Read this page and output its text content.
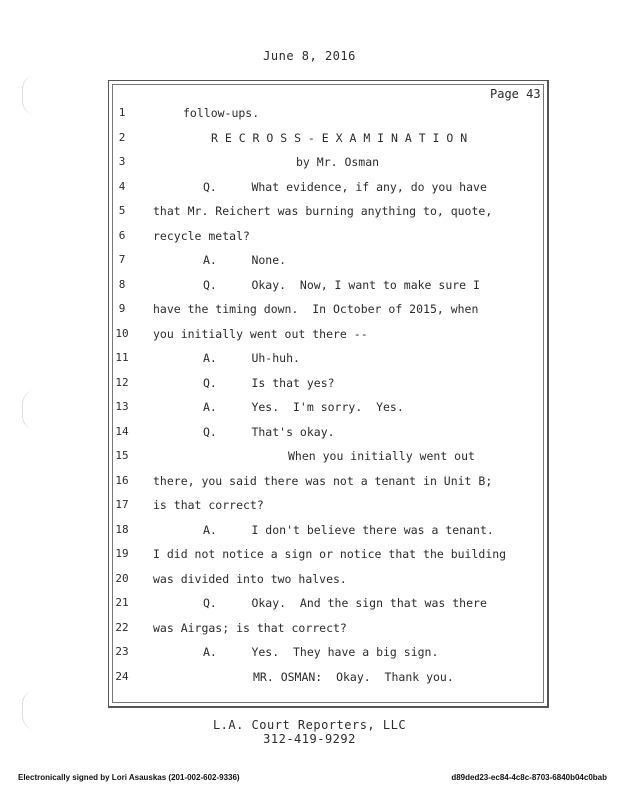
June 8, 2016
Page 43
1	follow-ups.
2	R E C R O S S - E X A M I N A T I O N
3	by Mr. Osman
4	Q.     What evidence, if any, do you have
5	that Mr. Reichert was burning anything to, quote,
6	recycle metal?
7	A.     None.
8	Q.     Okay.  Now, I want to make sure I
9	have the timing down.  In October of 2015, when
10	you initially went out there --
11	A.     Uh-huh.
12	Q.     Is that yes?
13	A.     Yes.  I'm sorry.  Yes.
14	Q.     That's okay.
15	When you initially went out
16	there, you said there was not a tenant in Unit B;
17	is that correct?
18	A.     I don't believe there was a tenant.
19	I did not notice a sign or notice that the building
20	was divided into two halves.
21	Q.     Okay.  And the sign that was there
22	was Airgas; is that correct?
23	A.     Yes.  They have a big sign.
24	MR. OSMAN:  Okay.  Thank you.
L.A. Court Reporters, LLC
312-419-9292
Electronically signed by Lori Asauskas (201-002-602-9336)	d89ded23-ec84-4c8c-8703-6840b04c0bab
